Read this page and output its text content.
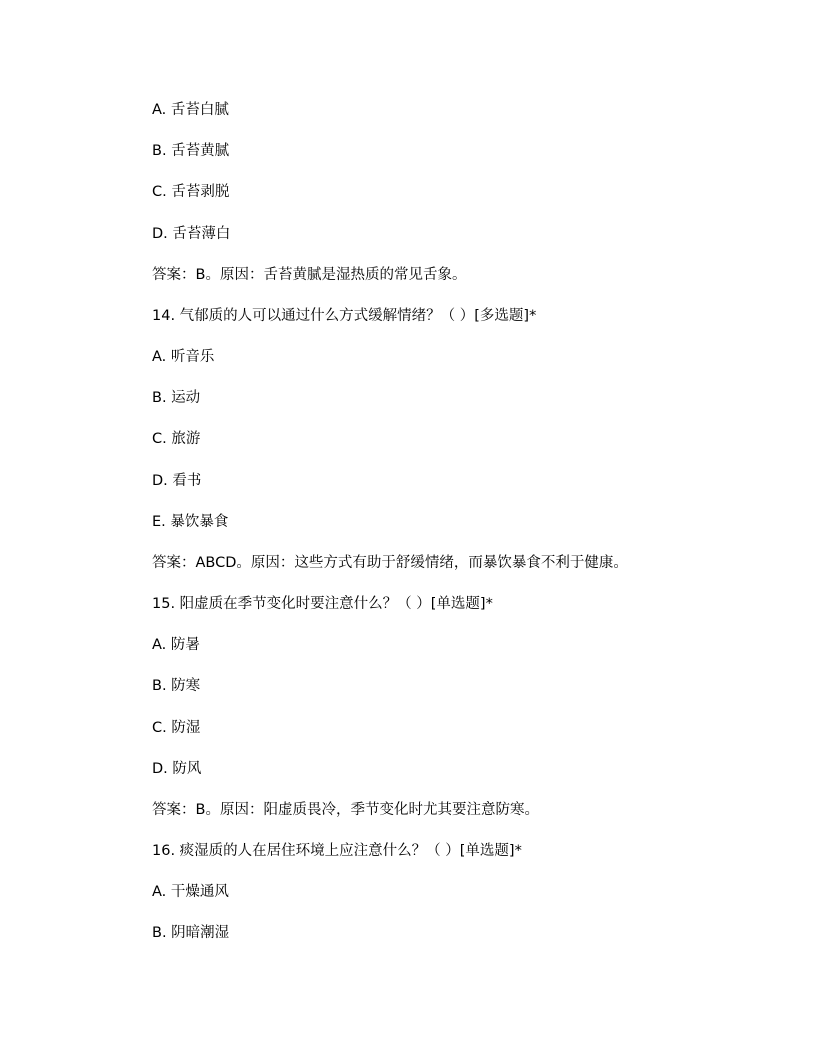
A. 舌苔白腻
B. 舌苔黄腻
C. 舌苔剥脱
D. 舌苔薄白
答案：B。原因：舌苔黄腻是湿热质的常见舌象。
14. 气郁质的人可以通过什么方式缓解情绪？（ ）[多选题]*
A. 听音乐
B. 运动
C. 旅游
D. 看书
E. 暴饮暴食
答案：ABCD。原因：这些方式有助于舒缓情绪，而暴饮暴食不利于健康。
15. 阳虚质在季节变化时要注意什么？（ ）[单选题]*
A. 防暑
B. 防寒
C. 防湿
D. 防风
答案：B。原因：阳虚质畏冷，季节变化时尤其要注意防寒。
16. 痰湿质的人在居住环境上应注意什么？（ ）[单选题]*
A. 干燥通风
B. 阴暗潮湿
